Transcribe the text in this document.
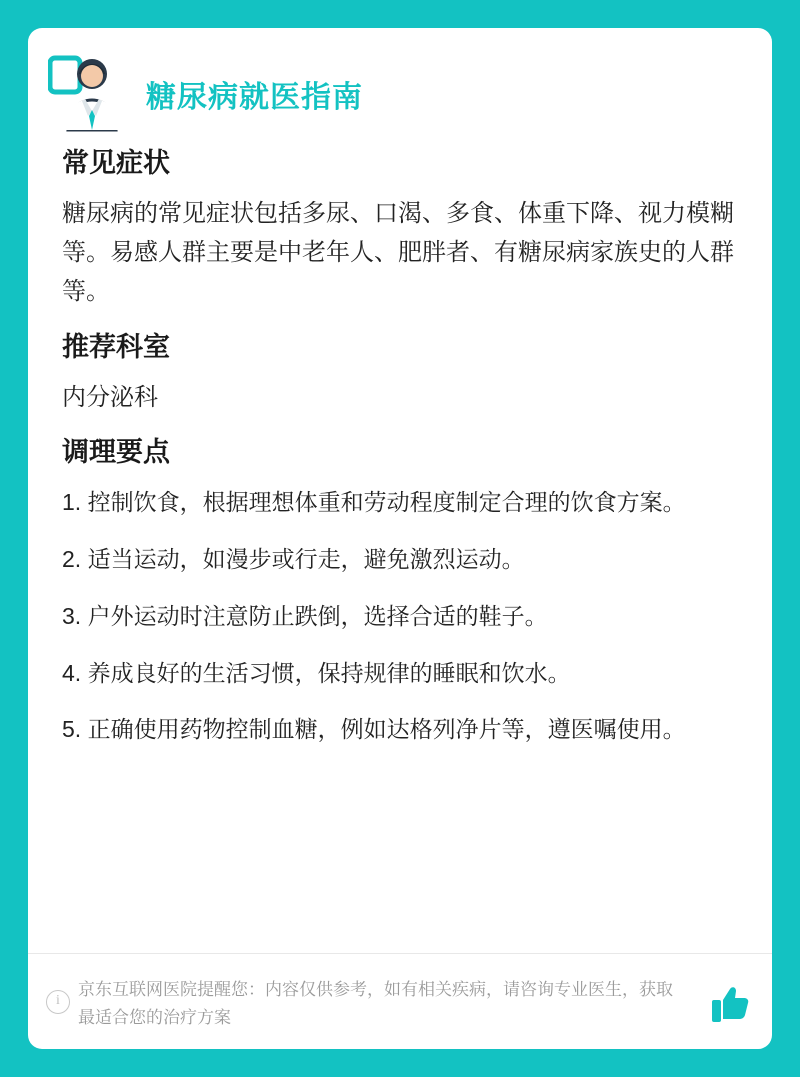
糖尿病就医指南
常见症状

糖尿病的常见症状包括多尿、口渴、多食、体重下降、视力模糊等。易感人群主要是中老年人、肥胖者、有糖尿病家族史的人群等。

推荐科室

内分泌科

调理要点

1. 控制饮食，根据理想体重和劳动程度制定合理的饮食方案。

2. 适当运动，如漫步或行走，避免激烈运动。

3. 户外运动时注意防止跌倒，选择合适的鞋子。

4. 养成良好的生活习惯，保持规律的睡眠和饮水。

5. 正确使用药物控制血糖，例如达格列净片等，遵医嘱使用。

i
京东互联网医院提醒您：内容仅供参考，如有相关疾病，请咨询专业医生，获取最适合您的治疗方案
